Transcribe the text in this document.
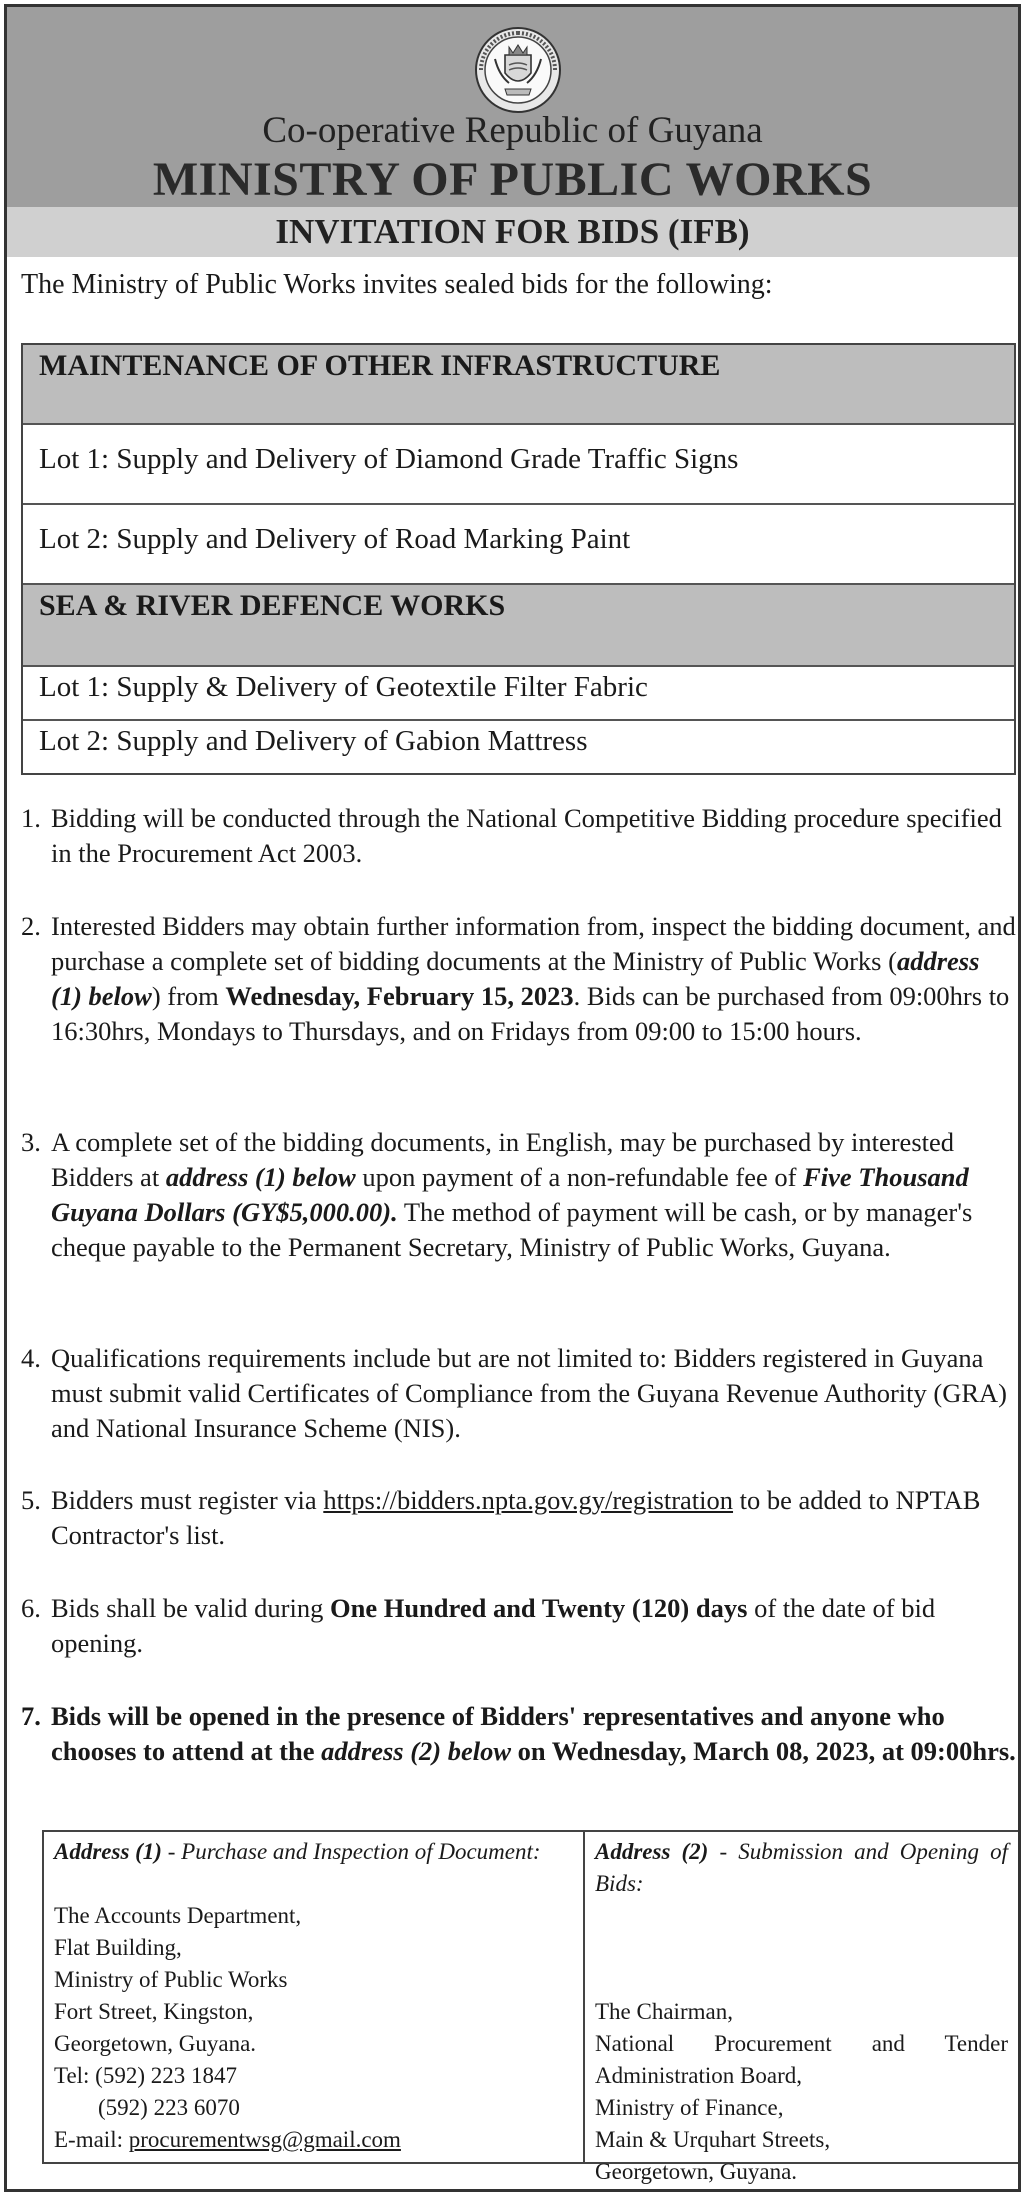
Co-operative Republic of Guyana
MINISTRY OF PUBLIC WORKS
INVITATION FOR BIDS (IFB)
The Ministry of Public Works invites sealed bids for the following:
MAINTENANCE OF OTHER INFRASTRUCTURE
Lot 1: Supply and Delivery of Diamond Grade Traffic Signs
Lot 2: Supply and Delivery of Road Marking Paint
SEA & RIVER DEFENCE WORKS
Lot 1: Supply & Delivery of Geotextile Filter Fabric
Lot 2: Supply and Delivery of Gabion Mattress
1. Bidding will be conducted through the National Competitive Bidding procedure specified in the Procurement Act 2003.
2. Interested Bidders may obtain further information from, inspect the bidding document, and purchase a complete set of bidding documents at the Ministry of Public Works (address (1) below) from Wednesday, February 15, 2023. Bids can be purchased from 09:00hrs to 16:30hrs, Mondays to Thursdays, and on Fridays from 09:00 to 15:00 hours.
3. A complete set of the bidding documents, in English, may be purchased by interested Bidders at address (1) below upon payment of a non-refundable fee of Five Thousand Guyana Dollars (GY$5,000.00). The method of payment will be cash, or by manager's cheque payable to the Permanent Secretary, Ministry of Public Works, Guyana.
4. Qualifications requirements include but are not limited to: Bidders registered in Guyana must submit valid Certificates of Compliance from the Guyana Revenue Authority (GRA) and National Insurance Scheme (NIS).
5. Bidders must register via https://bidders.npta.gov.gy/registration to be added to NPTAB Contractor's list.
6. Bids shall be valid during One Hundred and Twenty (120) days of the date of bid opening.
7. Bids will be opened in the presence of Bidders' representatives and anyone who chooses to attend at the address (2) below on Wednesday, March 08, 2023, at 09:00hrs.
Address (1) - Purchase and Inspection of Document:
The Accounts Department,
Flat Building,
Ministry of Public Works
Fort Street, Kingston,
Georgetown, Guyana.
Tel: (592) 223 1847
(592) 223 6070
E-mail: procurementwsg@gmail.com
Address (2) - Submission and Opening of Bids:
The Chairman,
National Procurement and Tender
Administration Board,
Ministry of Finance,
Main & Urquhart Streets,
Georgetown, Guyana.
